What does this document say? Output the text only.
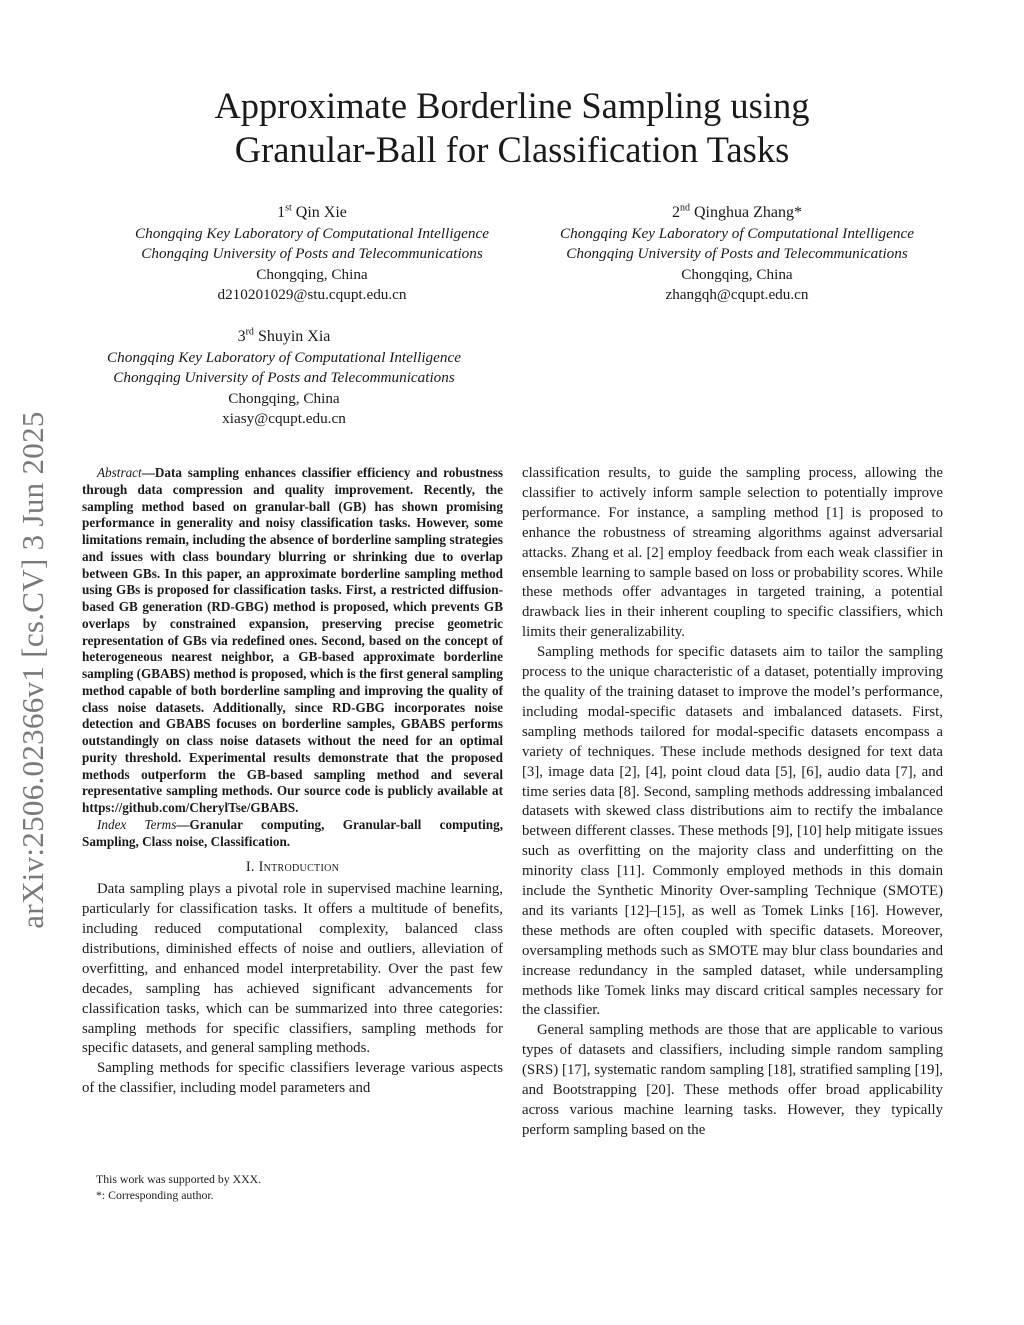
arXiv:2506.02366v1 [cs.CV] 3 Jun 2025
Approximate Borderline Sampling using
Granular-Ball for Classification Tasks
1st Qin Xie
Chongqing Key Laboratory of Computational Intelligence
Chongqing University of Posts and Telecommunications
Chongqing, China
d210201029@stu.cqupt.edu.cn
2nd Qinghua Zhang*
Chongqing Key Laboratory of Computational Intelligence
Chongqing University of Posts and Telecommunications
Chongqing, China
zhangqh@cqupt.edu.cn
3rd Shuyin Xia
Chongqing Key Laboratory of Computational Intelligence
Chongqing University of Posts and Telecommunications
Chongqing, China
xiasy@cqupt.edu.cn

Abstract—Data sampling enhances classifier efficiency and robustness through data compression and quality improvement. Recently, the sampling method based on granular-ball (GB) has shown promising performance in generality and noisy classification tasks. However, some limitations remain, including the absence of borderline sampling strategies and issues with class boundary blurring or shrinking due to overlap between GBs. In this paper, an approximate borderline sampling method using GBs is proposed for classification tasks. First, a restricted diffusion-based GB generation (RD-GBG) method is proposed, which prevents GB overlaps by constrained expansion, preserving precise geometric representation of GBs via redefined ones. Second, based on the concept of heterogeneous nearest neighbor, a GB-based approximate borderline sampling (GBABS) method is proposed, which is the first general sampling method capable of both borderline sampling and improving the quality of class noise datasets. Additionally, since RD-GBG incorporates noise detection and GBABS focuses on borderline samples, GBABS performs outstandingly on class noise datasets without the need for an optimal purity threshold. Experimental results demonstrate that the proposed methods outperform the GB-based sampling method and several representative sampling methods. Our source code is publicly available at https://github.com/CherylTse/GBABS.

Index Terms—Granular computing, Granular-ball computing, Sampling, Class noise, Classification.

I. Introduction

Data sampling plays a pivotal role in supervised machine learning, particularly for classification tasks. It offers a multitude of benefits, including reduced computational complexity, balanced class distributions, diminished effects of noise and outliers, alleviation of overfitting, and enhanced model interpretability. Over the past few decades, sampling has achieved significant advancements for classification tasks, which can be summarized into three categories: sampling methods for specific classifiers, sampling methods for specific datasets, and general sampling methods.

Sampling methods for specific classifiers leverage various aspects of the classifier, including model parameters and

This work was supported by XXX.

*: Corresponding author.

classification results, to guide the sampling process, allowing the classifier to actively inform sample selection to potentially improve performance. For instance, a sampling method [1] is proposed to enhance the robustness of streaming algorithms against adversarial attacks. Zhang et al. [2] employ feedback from each weak classifier in ensemble learning to sample based on loss or probability scores. While these methods offer advantages in targeted training, a potential drawback lies in their inherent coupling to specific classifiers, which limits their generalizability.

Sampling methods for specific datasets aim to tailor the sampling process to the unique characteristic of a dataset, potentially improving the quality of the training dataset to improve the model’s performance, including modal-specific datasets and imbalanced datasets. First, sampling methods tailored for modal-specific datasets encompass a variety of techniques. These include methods designed for text data [3], image data [2], [4], point cloud data [5], [6], audio data [7], and time series data [8]. Second, sampling methods addressing imbalanced datasets with skewed class distributions aim to rectify the imbalance between different classes. These methods [9], [10] help mitigate issues such as overfitting on the majority class and underfitting on the minority class [11]. Commonly employed methods in this domain include the Synthetic Minority Over-sampling Technique (SMOTE) and its variants [12]–[15], as well as Tomek Links [16]. However, these methods are often coupled with specific datasets. Moreover, oversampling methods such as SMOTE may blur class boundaries and increase redundancy in the sampled dataset, while undersampling methods like Tomek links may discard critical samples necessary for the classifier.

General sampling methods are those that are applicable to various types of datasets and classifiers, including simple random sampling (SRS) [17], systematic random sampling [18], stratified sampling [19], and Bootstrapping [20]. These methods offer broad applicability across various machine learning tasks. However, they typically perform sampling based on the
